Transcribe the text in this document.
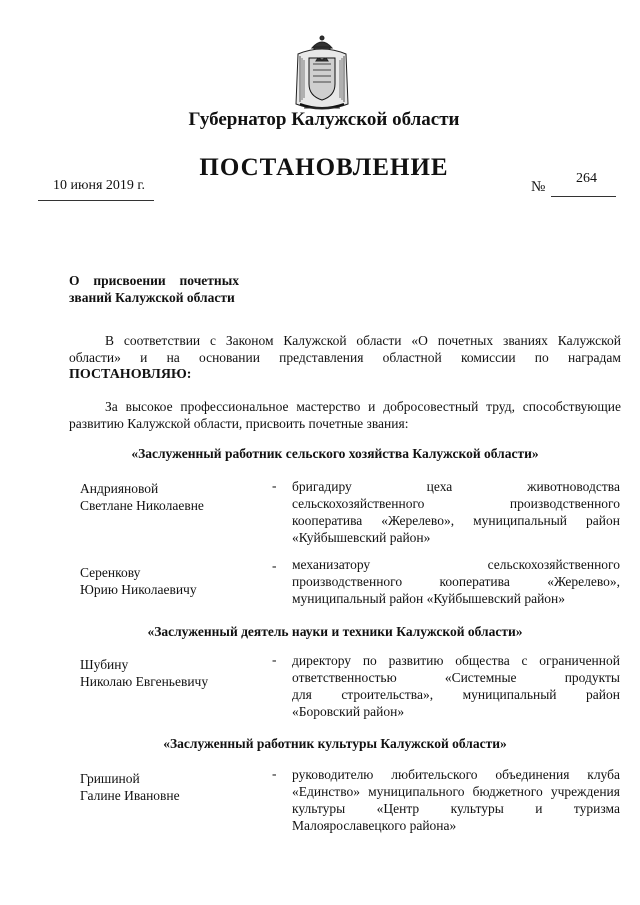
Губернатор Калужской области
ПОСТАНОВЛЕНИЕ
10 июня 2019 г.	№
264
О присвоении почетных
званий Калужской области
В соответствии с Законом Калужской области «О почетных званиях Калужской
области» и на основании представления областной комиссии по наградам
ПОСТАНОВЛЯЮ:
За высокое профессиональное мастерство и добросовестный труд, способствующие
развитию Калужской области, присвоить почетные звания:
«Заслуженный работник сельского хозяйства Калужской области»
Андрияновой
Светлане Николаевне
- бригадиру	цеха	животноводства
сельскохозяйственного	производственного
кооператива «Жерелево», муниципальный район
«Куйбышевский район»
Серенкову
Юрию Николаевичу
- механизатору	сельскохозяйственного
производственного	кооператива	«Жерелево»,
муниципальный район «Куйбышевский район»
«Заслуженный деятель науки и техники Калужской области»
Шубину
Николаю Евгеньевичу
- директору по развитию общества с ограниченной
ответственностью	«Системные	продукты
для строительства», муниципальный район
«Боровский район»
«Заслуженный работник культуры Калужской области»
Гришиной
Галине Ивановне
- руководителю любительского объединения клуба
«Единство» муниципального бюджетного учреждения
культуры «Центр культуры и туризма
Малоярославецкого района»
